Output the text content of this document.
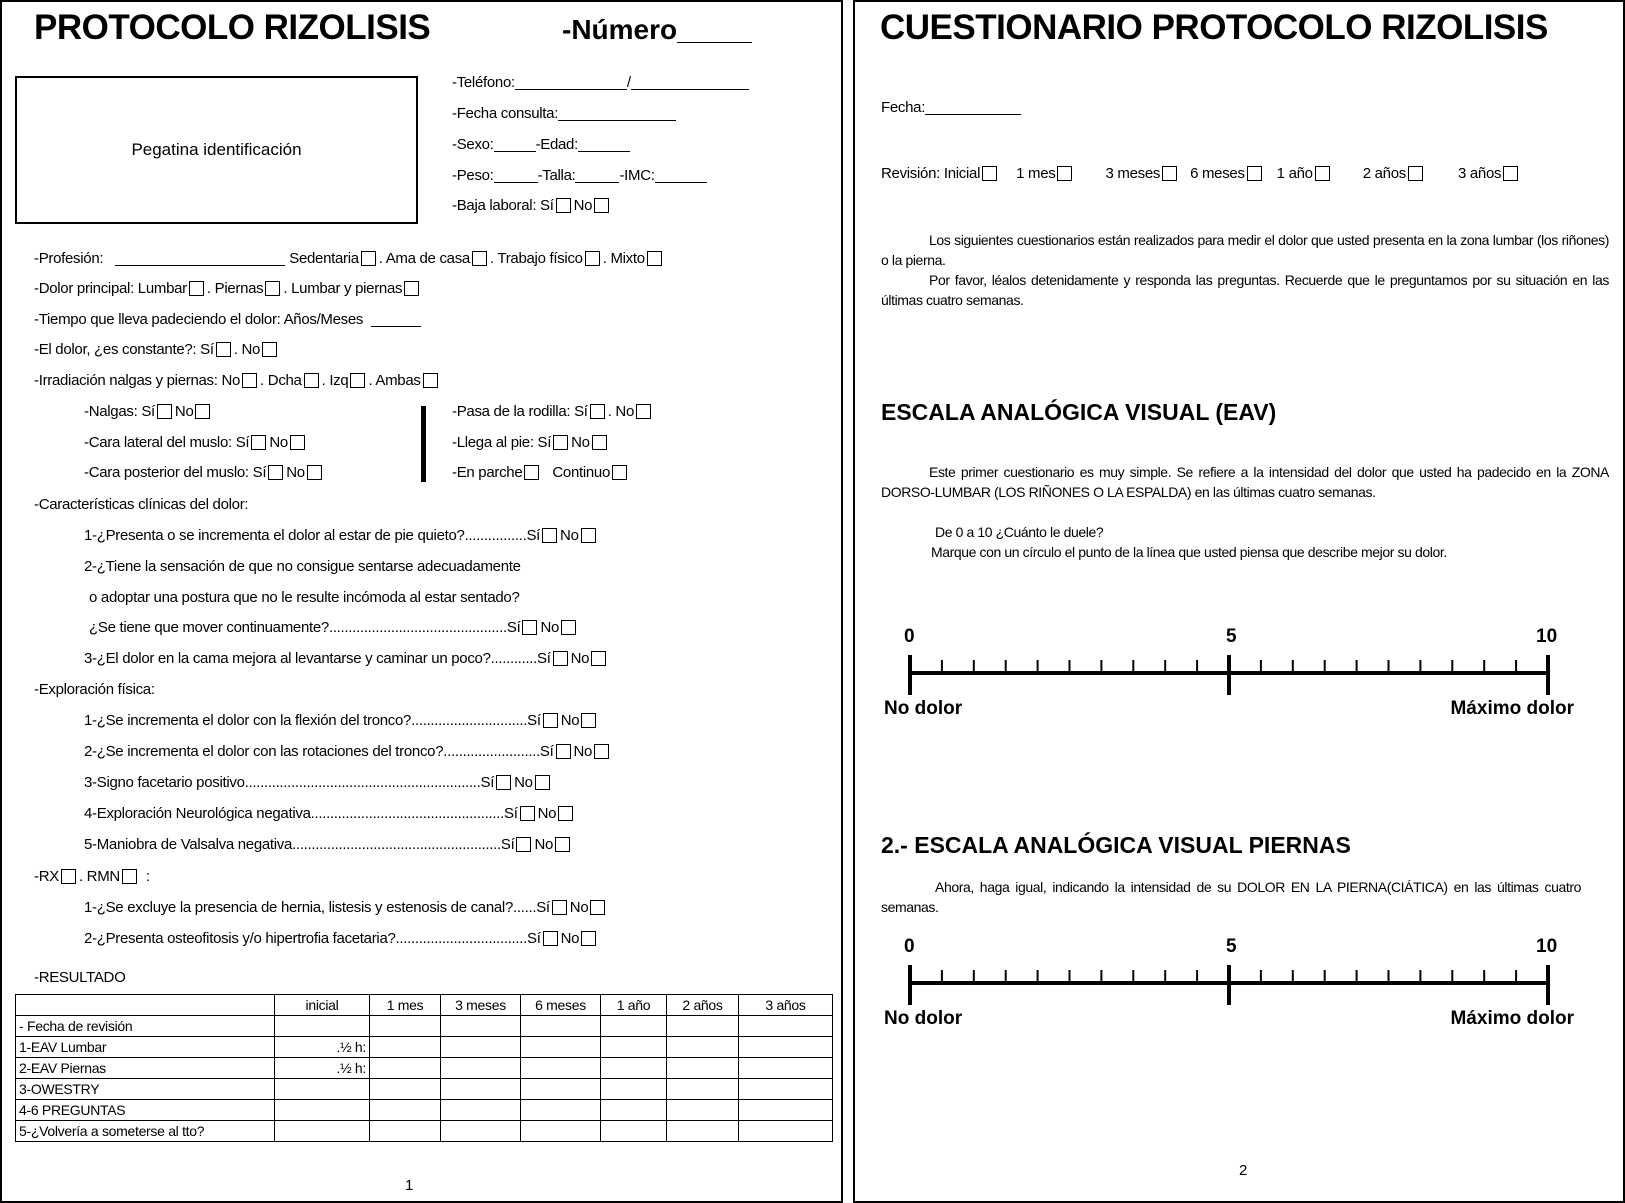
PROTOCOLO RIZOLISIS	-Número
Pegatina identificación
-Teléfono:	/
-Fecha consulta:
-Sexo:	-Edad:
-Peso:	-Talla:	-IMC:
-Baja laboral: Sí No
-Profesión:	Sedentaria . Ama de casa . Trabajo físico . Mixto
-Dolor principal: Lumbar . Piernas . Lumbar y piernas
-Tiempo que lleva padeciendo el dolor: Años/Meses
-El dolor, ¿es constante?: Sí . No
-Irradiación nalgas y piernas: No . Dcha . Izq . Ambas
-Nalgas: Sí No
-Cara lateral del muslo: Sí No
-Cara posterior del muslo: Sí No
-Pasa de la rodilla: Sí . No
-Llega al pie: Sí No
-En parche Continuo
-Características clínicas del dolor:
1-¿Presenta o se incrementa el dolor al estar de pie quieto?................ Sí No
2-¿Tiene la sensación de que no consigue sentarse adecuadamente
o adoptar una postura que no le resulte incómoda al estar sentado?
¿Se tiene que mover continuamente?.............................................. Sí No
3-¿El dolor en la cama mejora al levantarse y caminar un poco?............ Sí No
-Exploración física:
1-¿Se incrementa el dolor con la flexión del tronco?.............................. Sí No
2-¿Se incrementa el dolor con las rotaciones del tronco?......................... Sí No
3-Signo facetario positivo............................................................. Sí No
4-Exploración Neurológica negativa.................................................. Sí No
5-Maniobra de Valsalva negativa...................................................... Sí No
-RX . RMN :
1-¿Se excluye la presencia de hernia, listesis y estenosis de canal?...... Sí No
2-¿Presenta osteofitosis y/o hipertrofia facetaria?.................................. Sí No
-RESULTADO
	inicial	1 mes	3 meses	6 meses	1 año	2 años	3 años
- Fecha de revisión							
1-EAV Lumbar	.½ h:						
2-EAV Piernas	.½ h:						
3-OWESTRY							
4-6 PREGUNTAS							
5-¿Volvería a someterse al tto?							
1
CUESTIONARIO PROTOCOLO RIZOLISIS
Fecha:
Revisión: Inicial 1 mes	3 meses 6 meses 1 año	2 años	3 años
Los siguientes cuestionarios están realizados para medir el dolor que usted presenta en la zona lumbar (los riñones) o la pierna.
Por favor, léalos detenidamente y responda las preguntas. Recuerde que le preguntamos por su situación en las últimas cuatro semanas.
ESCALA ANALÓGICA VISUAL (EAV)
Este primer cuestionario es muy simple. Se refiere a la intensidad del dolor que usted ha padecido en la ZONA DORSO-LUMBAR (LOS RIÑONES O LA ESPALDA) en las últimas cuatro semanas.
De 0 a 10 ¿Cuánto le duele?
Marque con un círculo el punto de la línea que usted piensa que describe mejor su dolor.
0	5	10
No dolor	Máximo dolor
2.- ESCALA ANALÓGICA VISUAL PIERNAS
Ahora, haga igual, indicando la intensidad de su DOLOR EN LA PIERNA(CIÁTICA) en las últimas cuatro semanas.
0	5	10
No dolor	Máximo dolor
2
